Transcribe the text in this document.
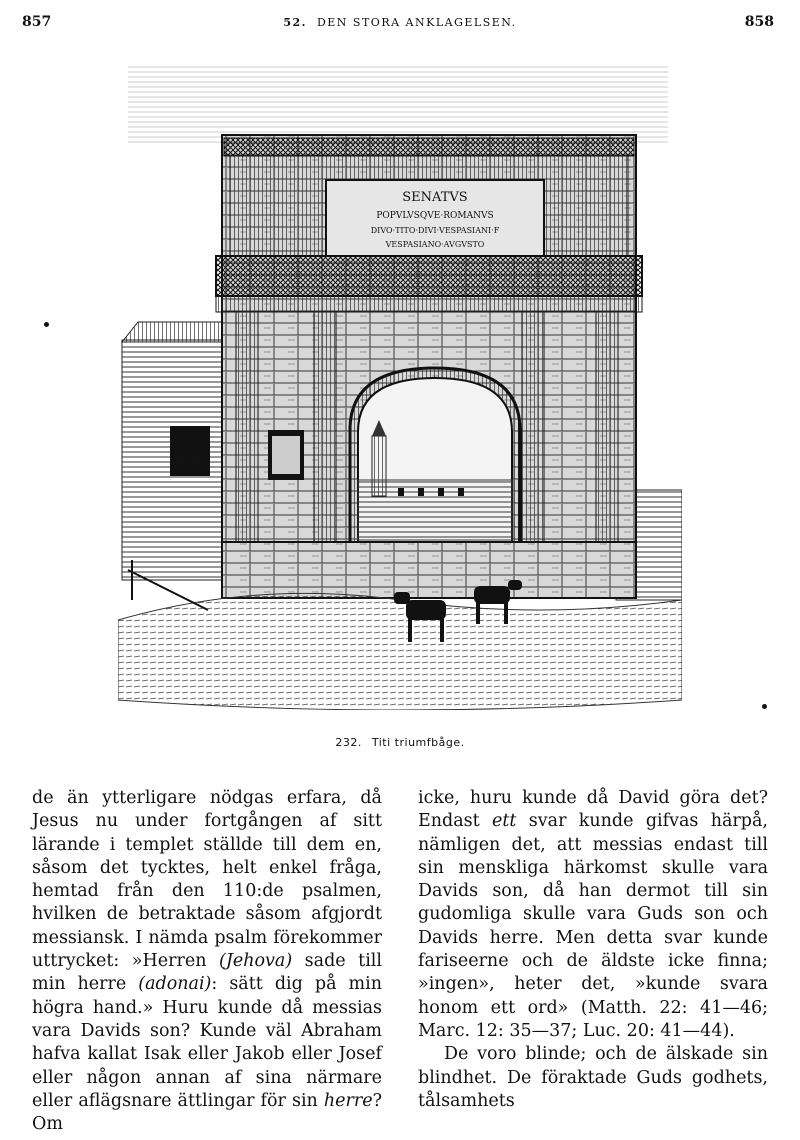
857	52. DEN STORA ANKLAGELSEN.	858
SENATVS
POPVLVSQVE·ROMANVS
DIVO·TITO·DIVI·VESPASIANI·F
VESPASIANO·AVGVSTO
232. Titi triumfbåge.

de än ytterligare nödgas erfara, då Jesus nu under fortgången af sitt lärande i templet ställde till dem en, såsom det tycktes, helt enkel fråga, hemtad från den 110:de psalmen, hvilken de betraktade såsom afgjordt messiansk. I nämda psalm förekommer uttrycket: »Herren (Jehova) sade till min herre (adonai): sätt dig på min högra hand.» Huru kunde då messias vara Davids son? Kunde väl Abraham hafva kallat Isak eller Jakob eller Josef eller någon annan af sina närmare eller aflägsnare ättlingar för sin herre? Om

icke, huru kunde då David göra det? Endast ett svar kunde gifvas härpå, nämligen det, att messias endast till sin menskliga härkomst skulle vara Davids son, då han dermot till sin gudomliga skulle vara Guds son och Davids herre. Men detta svar kunde fariseerne och de äldste icke finna; »ingen», heter det, »kunde svara honom ett ord» (Matth. 22: 41—46; Marc. 12: 35—37; Luc. 20: 41—44).

De voro blinde; och de älskade sin blindhet. De föraktade Guds godhets, tålsamhets
